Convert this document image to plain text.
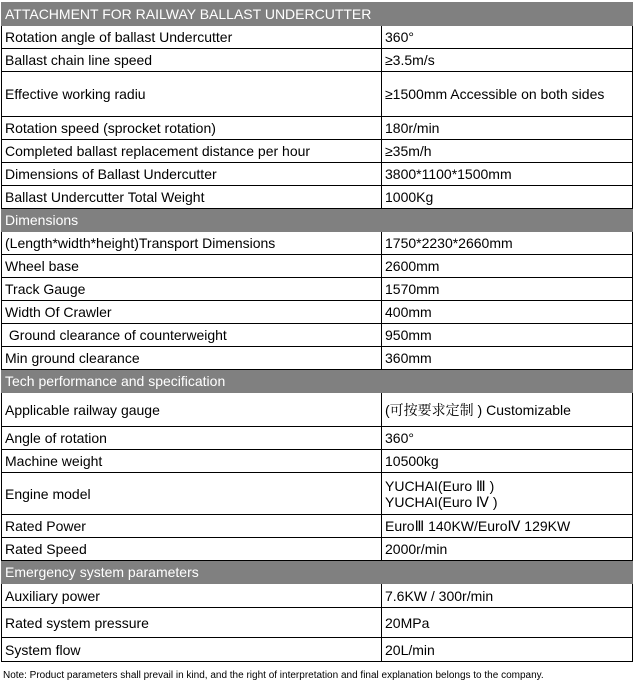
ATTACHMENT FOR RAILWAY BALLAST UNDERCUTTER	
Rotation angle of ballast Undercutter	360°

Ballast chain line speed	≥3.5m/s

Effective working radiu	≥1500mm Accessible on both sides

Rotation speed (sprocket rotation)	180r/min

Completed ballast replacement distance per hour	≥35m/h

Dimensions of Ballast Undercutter	3800*1100*1500mm

Ballast Undercutter Total Weight	1000Kg

Dimensions	
(Length*width*height)Transport Dimensions	1750*2230*2660mm

Wheel base	2600mm

Track Gauge	1570mm

Width Of Crawler	400mm

Ground clearance of counterweight	950mm

Min ground clearance	360mm

Tech performance and specification	
Applicable railway gauge	(可按要求定制 ) Customizable

Angle of rotation	360°

Machine weight	10500kg

Engine model	YUCHAI(Euro Ⅲ )
YUCHAI(Euro Ⅳ )

Rated Power	EuroⅢ 140KW/EuroⅣ 129KW

Rated Speed	2000r/min

Emergency system parameters	
Auxiliary power	7.6KW / 300r/min

Rated system pressure	20MPa

System flow	20L/min
Note: Product parameters shall prevail in kind, and the right of interpretation and final explanation belongs to the company.
